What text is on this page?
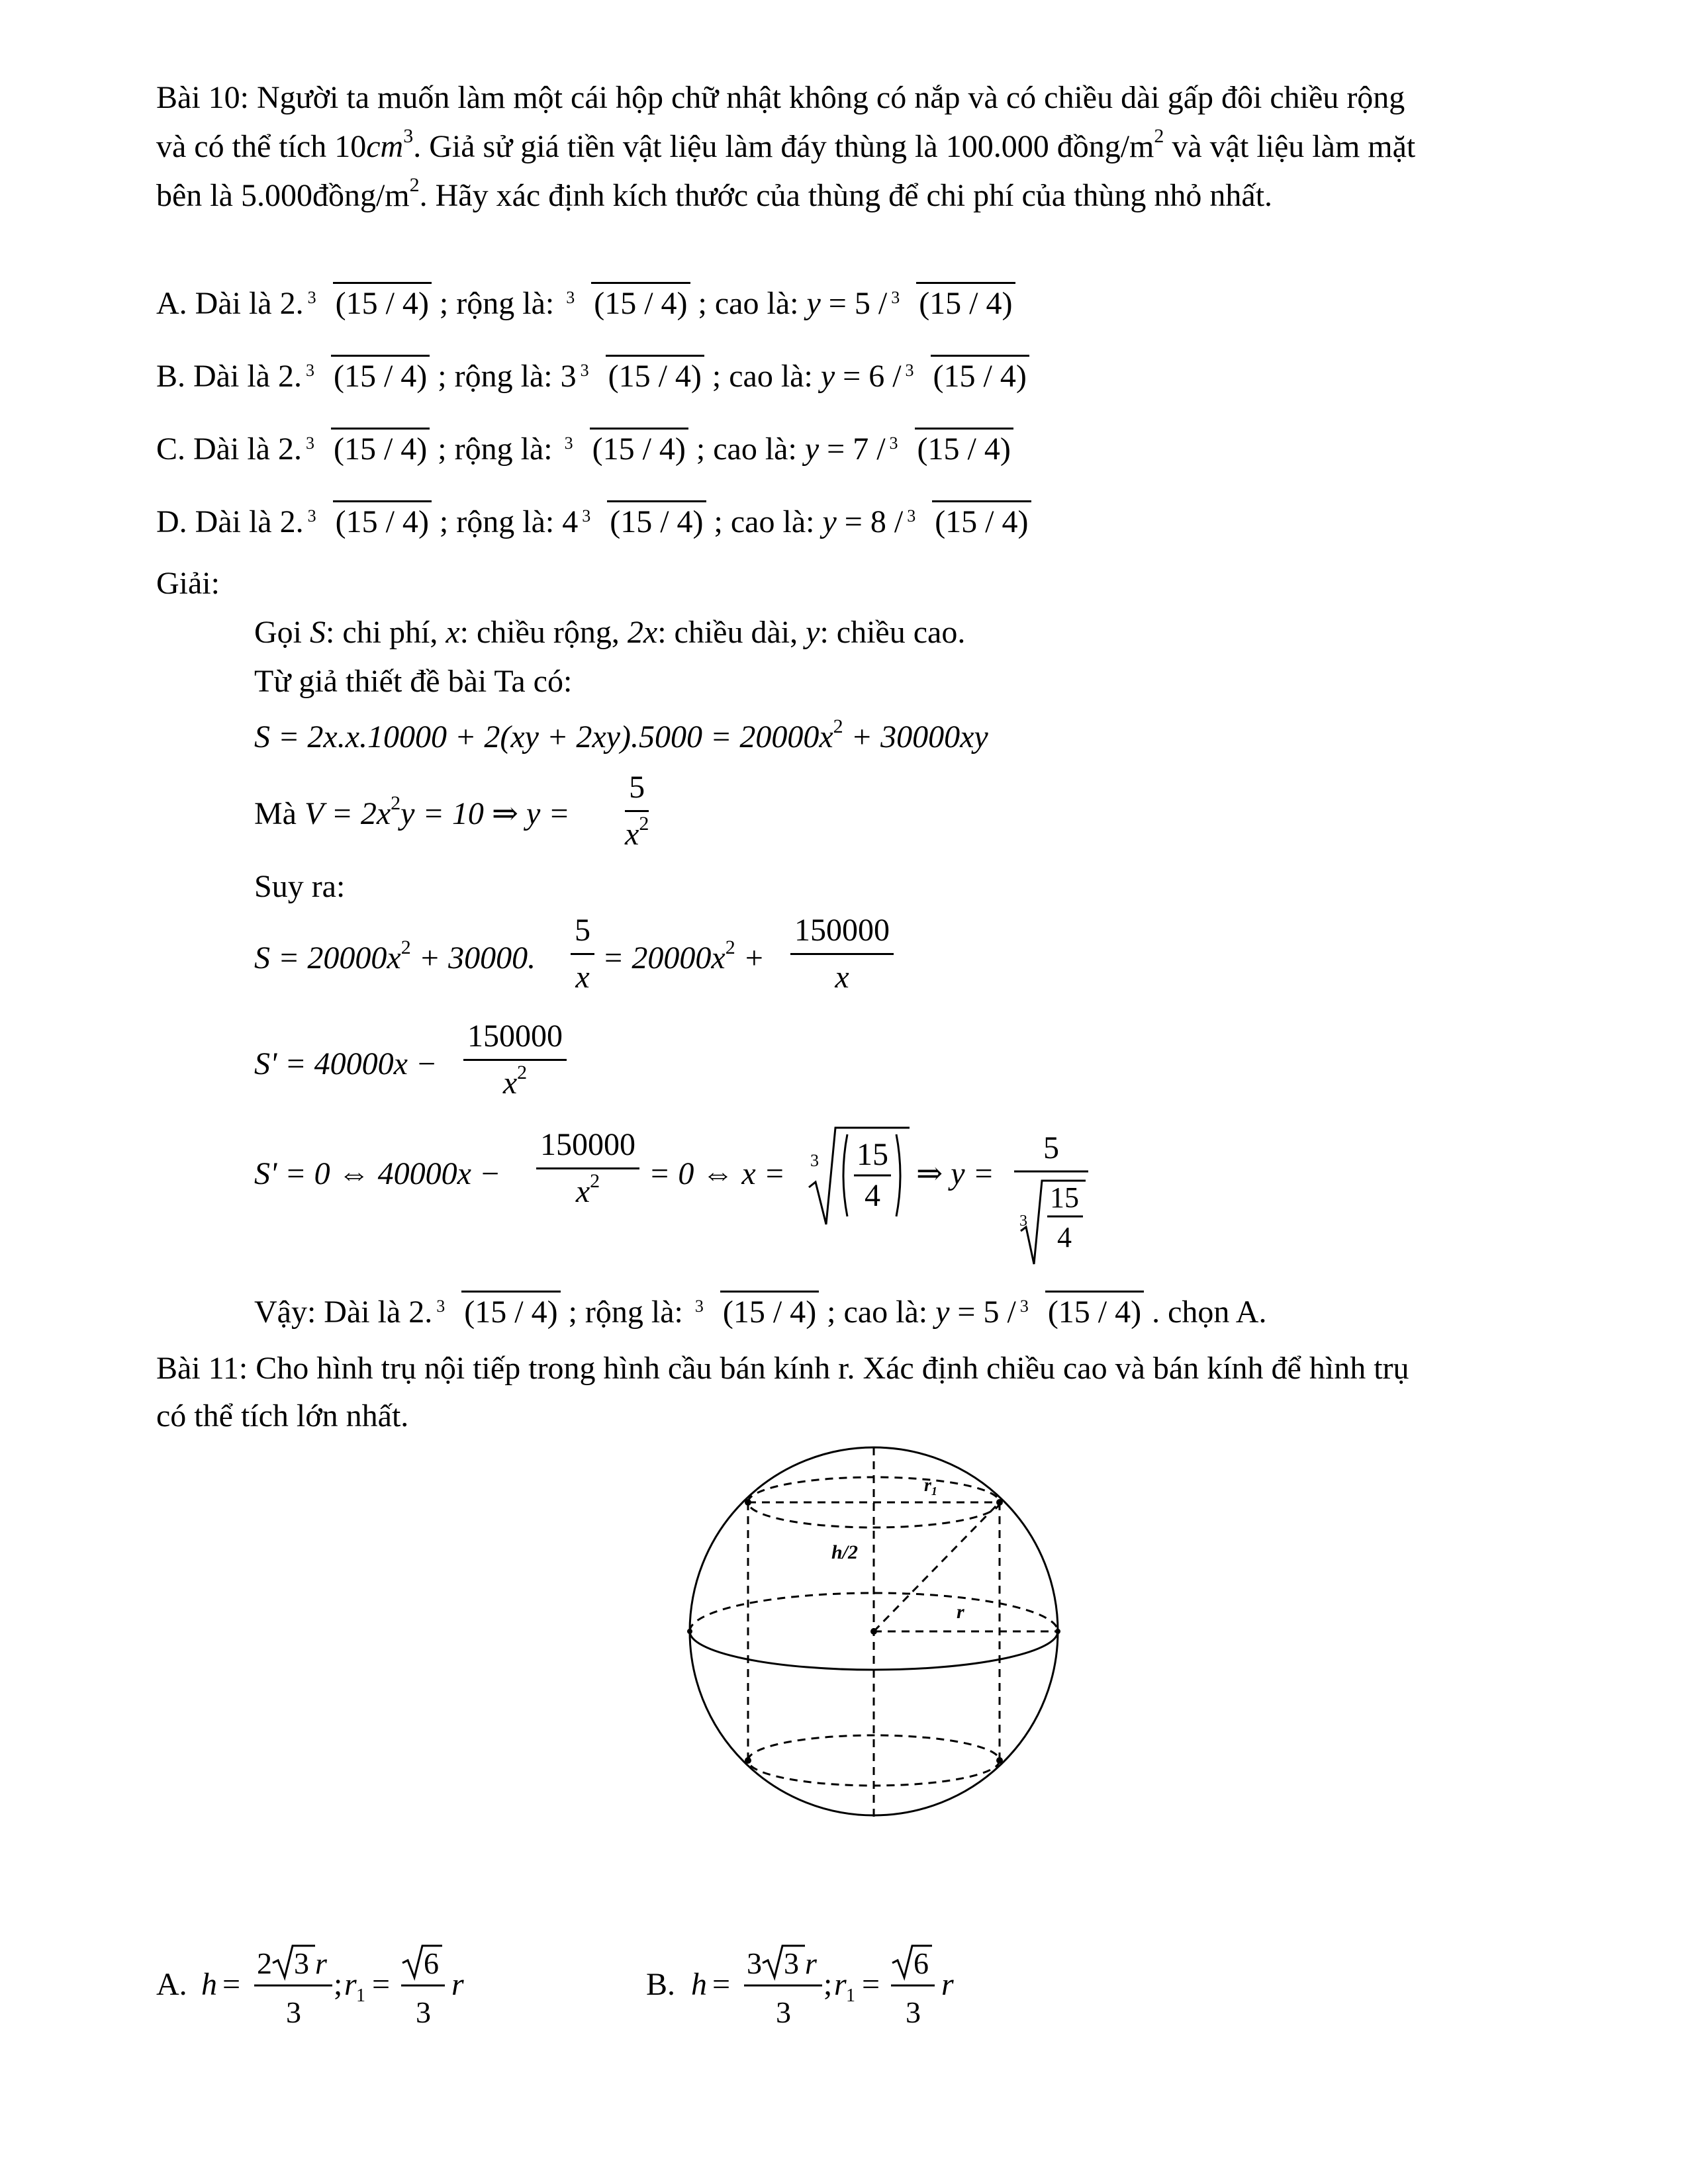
Bài 10: Người ta muốn làm một cái hộp chữ nhật không có nắp và có chiều dài gấp đôi chiều rộng
và có thể tích $10cm^3$. Giả sử giá tiền vật liệu làm đáy thùng là 100.000 đồng/$m^2$ và vật liệu làm mặt
bên là $5.000đồng/m^2$. Hãy xác định kích thước của thùng để chi phí của thùng nhỏ nhất.
A. Dài là 2. 3 (15 / 4) ; rộng là: 3 (15 / 4) ; cao là: y = 5 / 3 (15 / 4)
B. Dài là 2. 3 (15 / 4) ; rộng là: 3 3 (15 / 4) ; cao là: y = 6 / 3 (15 / 4)
C. Dài là 2. 3 (15 / 4) ; rộng là: 3 (15 / 4) ; cao là: y = 7 / 3 (15 / 4)
D. Dài là 2. 3 (15 / 4) ; rộng là: 4 3 (15 / 4) ; cao là: y = 8 / 3 (15 / 4)
Giải:
Gọi S: chi phí, x: chiều rộng, 2x: chiều dài, y: chiều cao.
Từ giả thiết đề bài Ta có:
$S = 2x.x.10000 + 2(xy + 2xy).5000 = 20000x^2 + 30000xy$
Mà $V = 2x^2y = 10$ ⇒ $y = \frac{5}{x^2}$
Suy ra:
$S = 20000x^2 + 30000$. $\frac{5}{x} = 20000x^2 + \frac{150000}{x}$
$S' = 40000x - \frac{150000}{x^2}$
S' = 0 ⇔ $40000x - \frac{150000}{x^2} = 0$ ⇔ x = 3 15
4
⇒ y =
5
3
15
4
Vậy: Dài là 2. 3 (15 / 4) ; rộng là: 3 (15 / 4) ; cao là: y = 5 / 3 (15 / 4) . chọn A.
Bài 11: Cho hình trụ nội tiếp trong hình cầu bán kính r. Xác định chiều cao và bán kính để hình trụ
có thể tích lớn nhất.
$r_1$
h/2
r
A. h =
2 3 r
3
; r 1 =
6
3
r	B. h =
3 3 r
3
; r 1 =
6
3
r
